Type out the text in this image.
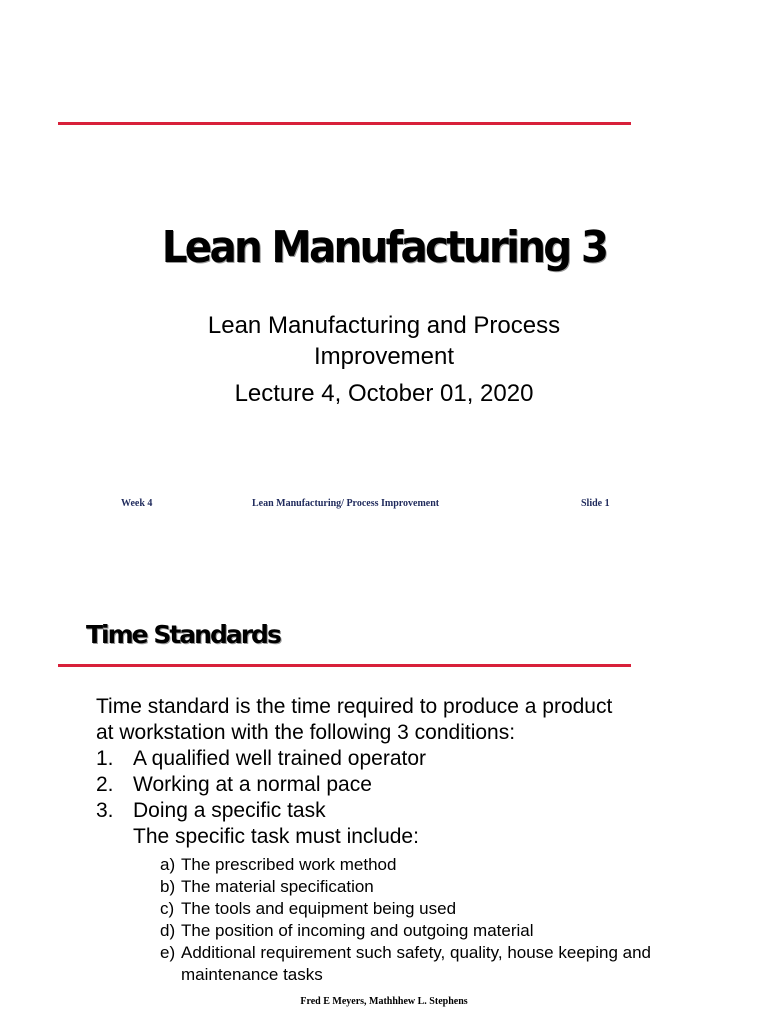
Lean Manufacturing 3
Lean Manufacturing and Process
Improvement
Lecture 4, October 01, 2020
Week 4	Lean Manufacturing/ Process Improvement	Slide 1
Time Standards
Time standard is the time required to produce a product
at workstation with the following 3 conditions:
1. A qualified well trained operator
2. Working at a normal pace
3. Doing a specific task
The specific task must include:
a) The prescribed work method
b) The material specification
c) The tools and equipment being used
d) The position of incoming and outgoing material
e) Additional requirement such safety, quality, house keeping and maintenance tasks
Fred E Meyers, Mathhhew L. Stephens
